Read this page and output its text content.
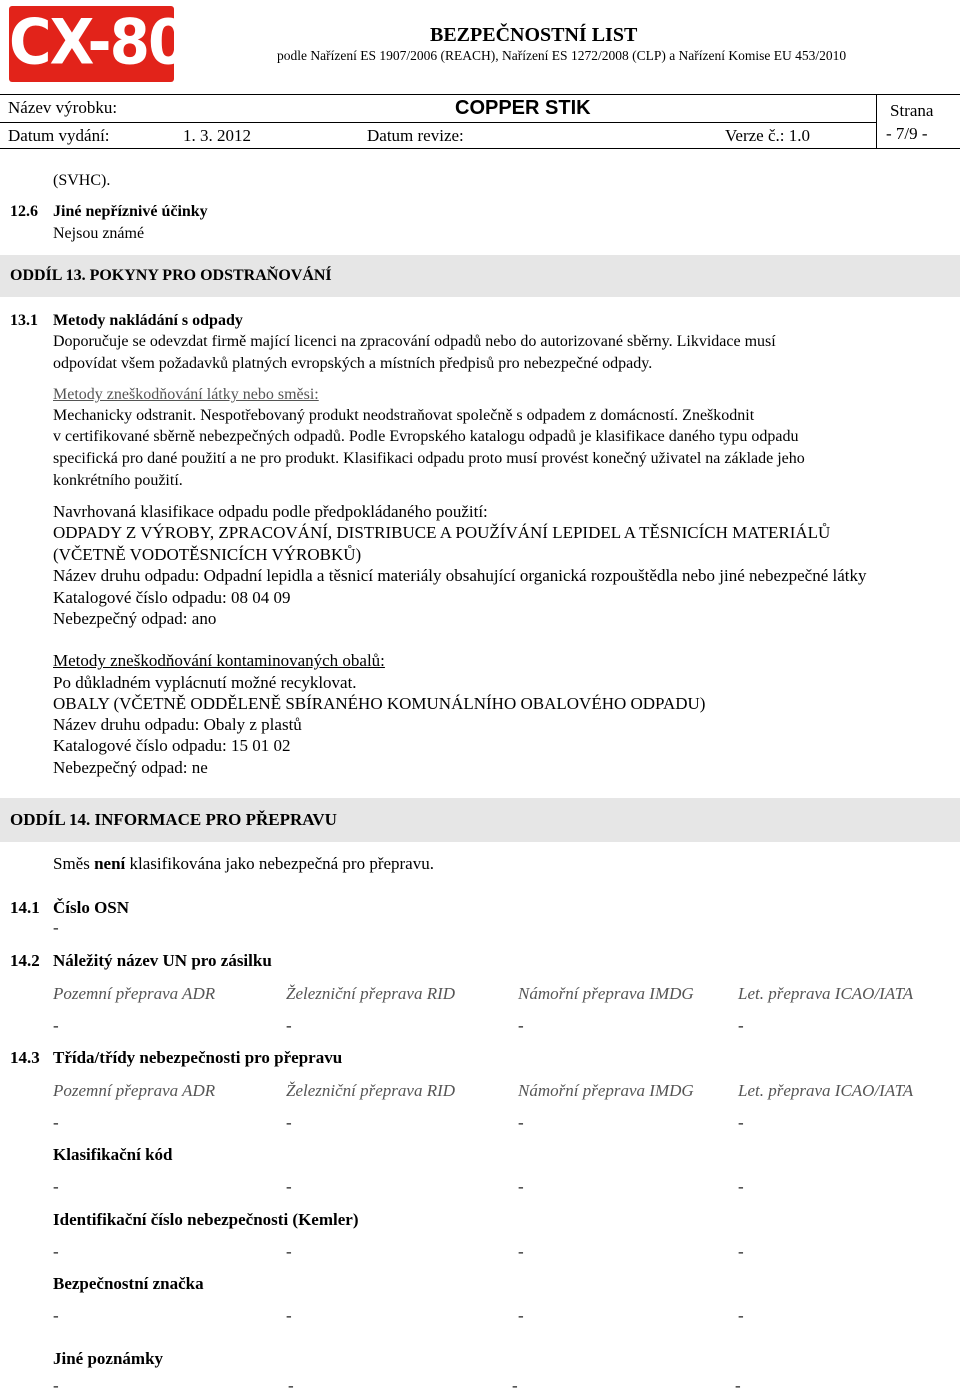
CX-80	BEZPEČNOSTNÍ LIST
podle Nařízení ES 1907/2006 (REACH), Nařízení ES 1272/2008 (CLP) a Nařízení Komise EU 453/2010
Název výrobku:	COPPER STIK	Strana
Datum vydání:	1. 3. 2012	Datum revize:	Verze č.: 1.0	- 7/9 -
(SVHC).
12.6 Jiné nepříznivé účinky
Nejsou známé
ODDÍL 13. POKYNY PRO ODSTRAŇOVÁNÍ
13.1 Metody nakládání s odpady
Doporučuje se odevzdat firmě mající licenci na zpracování odpadů nebo do autorizované sběrny. Likvidace musí
odpovídat všem požadavků platných evropských a místních předpisů pro nebezpečné odpady.
Metody zneškodňování látky nebo směsi:
Mechanicky odstranit. Nespotřebovaný produkt neodstraňovat společně s odpadem z domácností. Zneškodnit
v certifikované sběrně nebezpečných odpadů. Podle Evropského katalogu odpadů je klasifikace daného typu odpadu
specifická pro dané použití a ne pro produkt. Klasifikaci odpadu proto musí provést konečný uživatel na základe jeho
konkrétního použití.
Navrhovaná klasifikace odpadu podle předpokládaného použití:
ODPADY Z VÝROBY, ZPRACOVÁNÍ, DISTRIBUCE A POUŽÍVÁNÍ LEPIDEL A TĚSNICÍCH MATERIÁLŮ
(VČETNĚ VODOTĚSNICÍCH VÝROBKŮ)
Název druhu odpadu: Odpadní lepidla a těsnicí materiály obsahující organická rozpouštědla nebo jiné nebezpečné látky
Katalogové číslo odpadu: 08 04 09
Nebezpečný odpad: ano
Metody zneškodňování kontaminovaných obalů:
Po důkladném vyplácnutí možné recyklovat.
OBALY (VČETNĚ ODDĚLENĚ SBÍRANÉHO KOMUNÁLNÍHO OBALOVÉHO ODPADU)
Název druhu odpadu: Obaly z plastů
Katalogové číslo odpadu: 15 01 02
Nebezpečný odpad: ne
ODDÍL 14. INFORMACE PRO PŘEPRAVU
Směs není klasifikována jako nebezpečná pro přepravu.
14.1 Číslo OSN
-
14.2 Náležitý název UN pro zásilku
Pozemní přeprava ADR	Železniční přeprava RID	Námořní přeprava IMDG	Let. přeprava ICAO/IATA
-	-	-	-
14.3 Třída/třídy nebezpečnosti pro přepravu
Pozemní přeprava ADR	Železniční přeprava RID	Námořní přeprava IMDG	Let. přeprava ICAO/IATA
-	-	-	-
Klasifikační kód
-	-	-	-
Identifikační číslo nebezpečnosti (Kemler)
-	-	-	-
Bezpečnostní značka
-	-	-	-
Jiné poznámky
-	-	-	-
